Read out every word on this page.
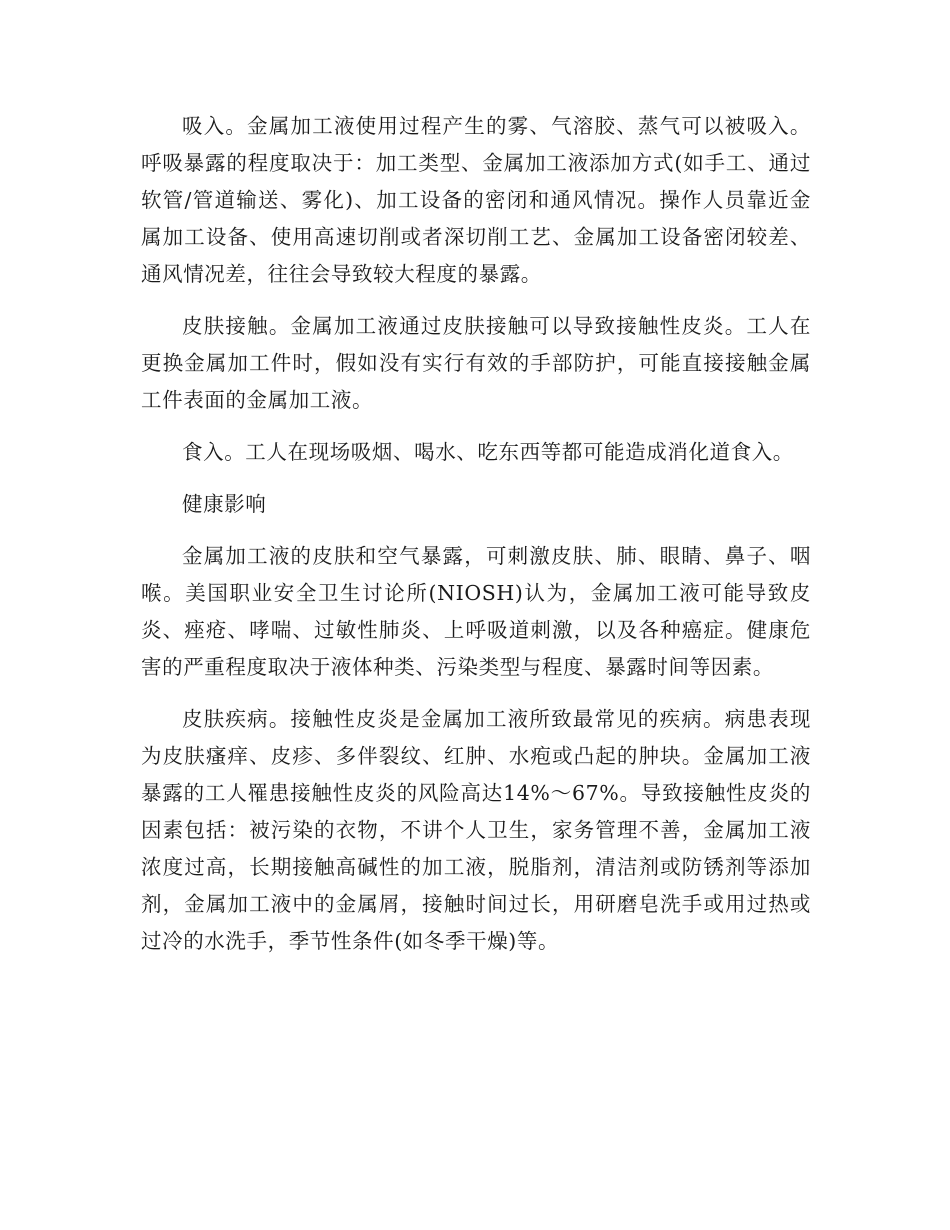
吸入。金属加工液使用过程产生的雾、气溶胶、蒸气可以被吸入。呼吸暴露的程度取决于：加工类型、金属加工液添加方式(如手工、通过软管/管道输送、雾化)、加工设备的密闭和通风情况。操作人员靠近金属加工设备、使用高速切削或者深切削工艺、金属加工设备密闭较差、通风情况差，往往会导致较大程度的暴露。

皮肤接触。金属加工液通过皮肤接触可以导致接触性皮炎。工人在更换金属加工件时，假如没有实行有效的手部防护，可能直接接触金属工件表面的金属加工液。

食入。工人在现场吸烟、喝水、吃东西等都可能造成消化道食入。

健康影响

金属加工液的皮肤和空气暴露，可刺激皮肤、肺、眼睛、鼻子、咽喉。美国职业安全卫生讨论所(NIOSH)认为，金属加工液可能导致皮炎、痤疮、哮喘、过敏性肺炎、上呼吸道刺激，以及各种癌症。健康危害的严重程度取决于液体种类、污染类型与程度、暴露时间等因素。

皮肤疾病。接触性皮炎是金属加工液所致最常见的疾病。病患表现为皮肤瘙痒、皮疹、多伴裂纹、红肿、水疱或凸起的肿块。金属加工液暴露的工人罹患接触性皮炎的风险高达14%～67%。导致接触性皮炎的因素包括：被污染的衣物，不讲个人卫生，家务管理不善，金属加工液浓度过高，长期接触高碱性的加工液，脱脂剂，清洁剂或防锈剂等添加剂，金属加工液中的金属屑，接触时间过长，用研磨皂洗手或用过热或过冷的水洗手，季节性条件(如冬季干燥)等。
